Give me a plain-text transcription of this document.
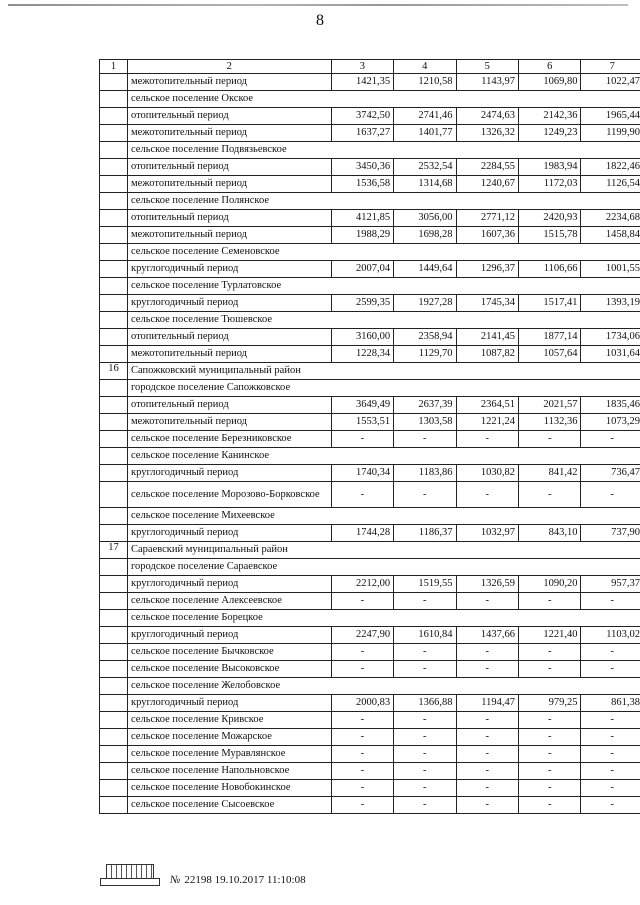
8
1	2	3	4	5	6	7
	межотопительный период	1421,35	1210,58	1143,97	1069,80	1022,47
	сельское поселение Окское					
	отопительный период	3742,50	2741,46	2474,63	2142,36	1965,44
	межотопительный период	1637,27	1401,77	1326,32	1249,23	1199,90
	сельское поселение Подвязьевское					
	отопительный период	3450,36	2532,54	2284,55	1983,94	1822,46
	межотопительный период	1536,58	1314,68	1240,67	1172,03	1126,54
	сельское поселение Полянское					
	отопительный период	4121,85	3056,00	2771,12	2420,93	2234,68
	межотопительный период	1988,29	1698,28	1607,36	1515,78	1458,84
	сельское поселение Семеновское					
	круглогодичный период	2007,04	1449,64	1296,37	1106,66	1001,55
	сельское поселение Турлатовское					
	круглогодичный период	2599,35	1927,28	1745,34	1517,41	1393,19
	сельское поселение Тюшевское					
	отопительный период	3160,00	2358,94	2141,45	1877,14	1734,06
	межотопительный период	1228,34	1129,70	1087,82	1057,64	1031,64
16	Сапожковский муниципальный район					
	городское поселение Сапожковское					
	отопительный период	3649,49	2637,39	2364,51	2021,57	1835,46
	межотопительный период	1553,51	1303,58	1221,24	1132,36	1073,29
	сельское поселение Березниковское	-	-	-	-	-
	сельское поселение Канинское					
	круглогодичный период	1740,34	1183,86	1030,82	841,42	736,47
	сельское поселение Морозово-Борковское	-	-	-	-	-
	сельское поселение Михеевское					
	круглогодичный период	1744,28	1186,37	1032,97	843,10	737,90
17	Сараевский муниципальный район					
	городское поселение Сараевское					
	круглогодичный период	2212,00	1519,55	1326,59	1090,20	957,37
	сельское поселение Алексеевское	-	-	-	-	-
	сельское поселение Борецкое					
	круглогодичный период	2247,90	1610,84	1437,66	1221,40	1103,02
	сельское поселение Бычковское	-	-	-	-	-
	сельское поселение Высоковское	-	-	-	-	-
	сельское поселение Желобовское					
	круглогодичный период	2000,83	1366,88	1194,47	979,25	861,38
	сельское поселение Кривское	-	-	-	-	-
	сельское поселение Можарское	-	-	-	-	-
	сельское поселение Муравлянское	-	-	-	-	-
	сельское поселение Напольновское	-	-	-	-	-
	сельское поселение Новобокинское	-	-	-	-	-
	сельское поселение Сысоевское	-	-	-	-	-
№ 22198 19.10.2017 11:10:08
